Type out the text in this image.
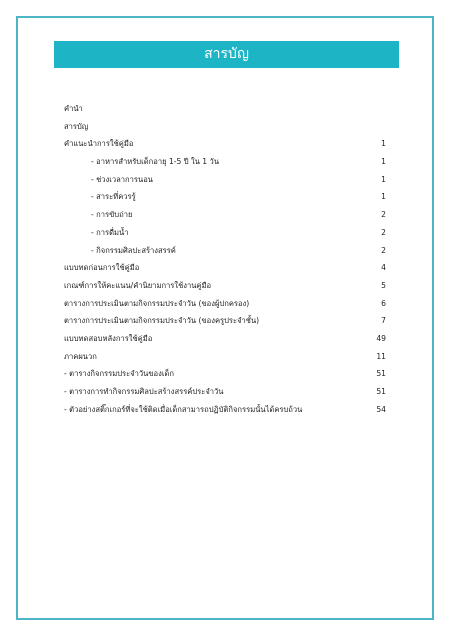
สารบัญ
คำนำ
สารบัญ
คำแนะนำการใช้คู่มือ	1
- อาหารสำหรับเด็กอายุ 1-5 ปี ใน 1 วัน	1
- ช่วงเวลาการนอน	1
- สาระที่ควรรู้	1
- การขับถ่าย	2
- การดื่มน้ำ	2
- กิจกรรมศิลปะสร้างสรรค์	2
แบบทดก่อนการใช้คู่มือ	4
เกณฑ์การให้คะแนน/คำนิยามการใช้งานคู่มือ	5
ตารางการประเมินตามกิจกรรมประจำวัน (ของผู้ปกครอง)	6
ตารางการประเมินตามกิจกรรมประจำวัน (ของครูประจำชั้น)	7
แบบทดสอบหลังการใช้คู่มือ	49
ภาคผนวก	11
- ตารางกิจกรรมประจำวันของเด็ก	51
- ตารางการทำกิจกรรมศิลปะสร้างสรรค์ประจำวัน	51
- ตัวอย่างสติ๊กเกอร์ที่จะใช้ติดเมื่อเด็กสามารถปฏิบัติกิจกรรมนั้นได้ครบถ้วน	54
